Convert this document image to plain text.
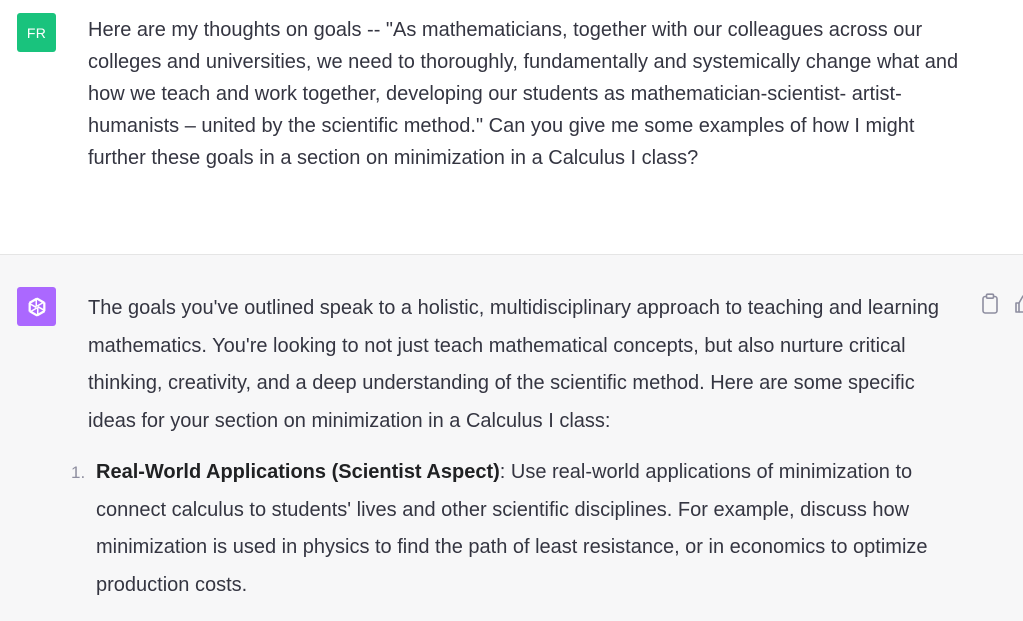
FR Here are my thoughts on goals -- "As mathematicians, together with our colleagues across our colleges and universities, we need to thoroughly, fundamentally and systemically change what and how we teach and work together, developing our students as mathematician-scientist- artist-humanists – united by the scientific method." Can you give me some examples of how I might further these goals in a section on minimization in a Calculus I class?

The goals you've outlined speak to a holistic, multidisciplinary approach to teaching and learning mathematics. You're looking to not just teach mathematical concepts, but also nurture critical thinking, creativity, and a deep understanding of the scientific method. Here are some specific ideas for your section on minimization in a Calculus I class:

1. Real-World Applications (Scientist Aspect): Use real-world applications of minimization to connect calculus to students' lives and other scientific disciplines. For example, discuss how minimization is used in physics to find the path of least resistance, or in economics to optimize production costs.
